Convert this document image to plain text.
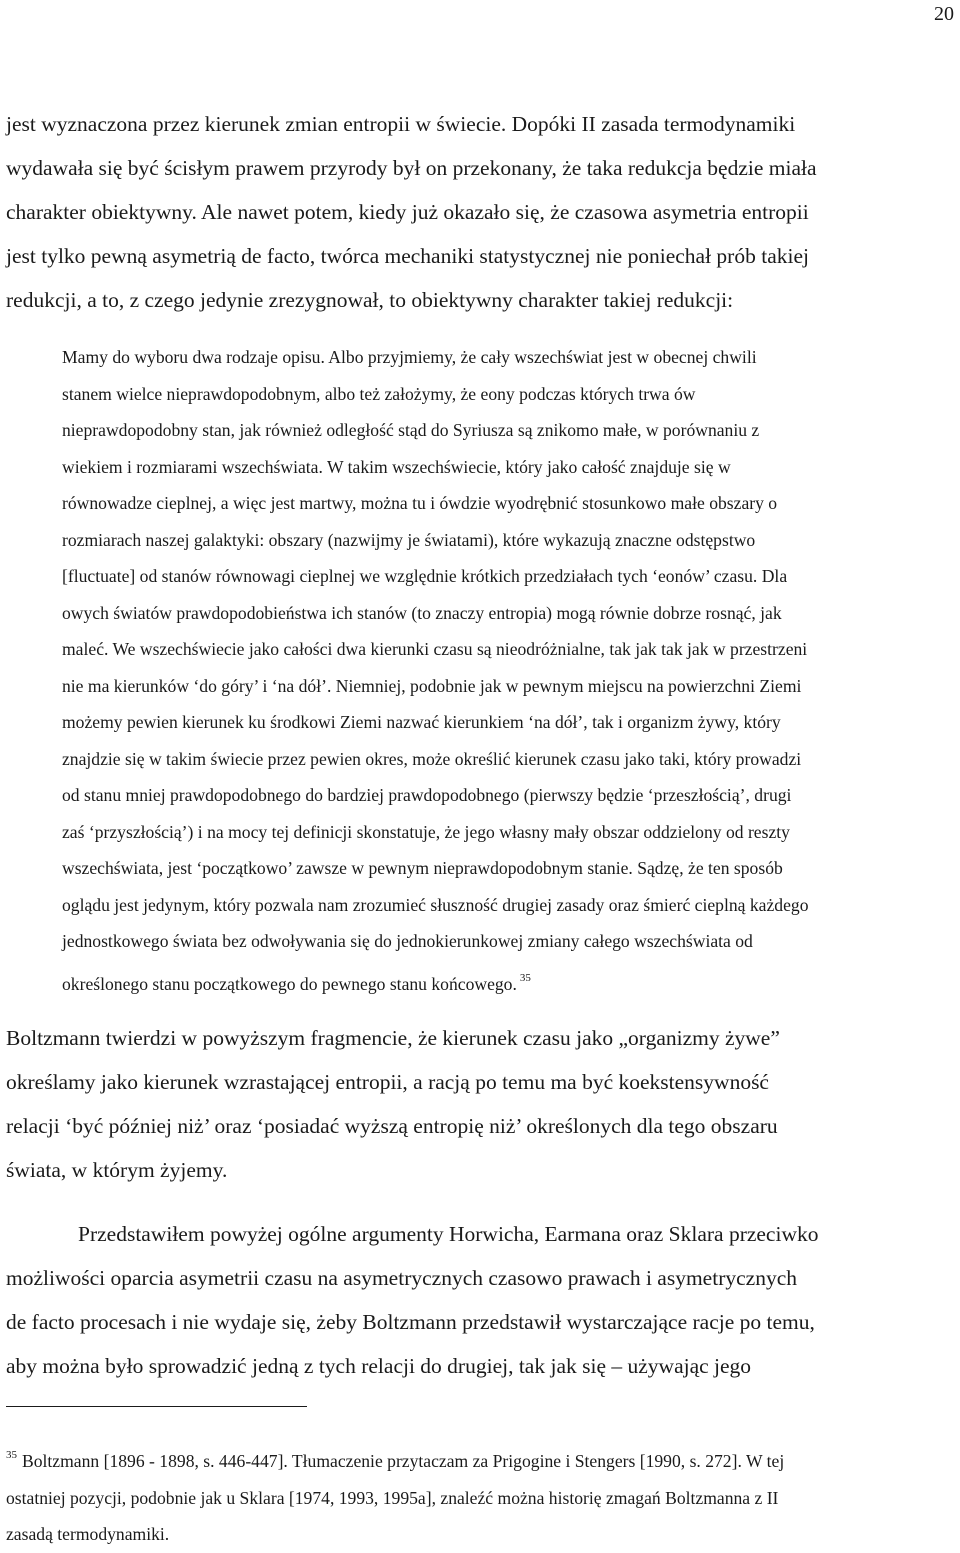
20

jest wyznaczona przez kierunek zmian entropii w świecie. Dopóki II zasada termodynamiki
wydawała się być ścisłym prawem przyrody był on przekonany, że taka redukcja będzie miała
charakter obiektywny. Ale nawet potem, kiedy już okazało się, że czasowa asymetria entropii
jest tylko pewną asymetrią de facto, twórca mechaniki statystycznej nie poniechał prób takiej
redukcji, a to, z czego jedynie zrezygnował, to obiektywny charakter takiej redukcji:

Mamy do wyboru dwa rodzaje opisu. Albo przyjmiemy, że cały wszechświat jest w obecnej chwili
stanem wielce nieprawdopodobnym, albo też założymy, że eony podczas których trwa ów
nieprawdopodobny stan, jak również odległość stąd do Syriusza są znikomo małe, w porównaniu z
wiekiem i rozmiarami wszechświata. W takim wszechświecie, który jako całość znajduje się w
równowadze cieplnej, a więc jest martwy, można tu i ówdzie wyodrębnić stosunkowo małe obszary o
rozmiarach naszej galaktyki: obszary (nazwijmy je światami), które wykazują znaczne odstępstwo
[fluctuate] od stanów równowagi cieplnej we względnie krótkich przedziałach tych ‘eonów’ czasu. Dla
owych światów prawdopodobieństwa ich stanów (to znaczy entropia) mogą równie dobrze rosnąć, jak
maleć. We wszechświecie jako całości dwa kierunki czasu są nieodróżnialne, tak jak tak jak w przestrzeni
nie ma kierunków ‘do góry’ i ‘na dół’. Niemniej, podobnie jak w pewnym miejscu na powierzchni Ziemi
możemy pewien kierunek ku środkowi Ziemi nazwać kierunkiem ‘na dół’, tak i organizm żywy, który
znajdzie się w takim świecie przez pewien okres, może określić kierunek czasu jako taki, który prowadzi
od stanu mniej prawdopodobnego do bardziej prawdopodobnego (pierwszy będzie ‘przeszłością’, drugi
zaś ‘przyszłością’) i na mocy tej definicji skonstatuje, że jego własny mały obszar oddzielony od reszty
wszechświata, jest ‘początkowo’ zawsze w pewnym nieprawdopodobnym stanie. Sądzę, że ten sposób
oglądu jest jedynym, który pozwala nam zrozumieć słuszność drugiej zasady oraz śmierć cieplną każdego
jednostkowego świata bez odwoływania się do jednokierunkowej zmiany całego wszechświata od
określonego stanu początkowego do pewnego stanu końcowego. $^{35}$

Boltzmann twierdzi w powyższym fragmencie, że kierunek czasu jako „organizmy żywe”
określamy jako kierunek wzrastającej entropii, a racją po temu ma być koekstensywność
relacji ‘być później niż’ oraz ‘posiadać wyższą entropię niż’ określonych dla tego obszaru
świata, w którym żyjemy.

Przedstawiłem powyżej ogólne argumenty Horwicha, Earmana oraz Sklara przeciwko
możliwości oparcia asymetrii czasu na asymetrycznych czasowo prawach i asymetrycznych
de facto procesach i nie wydaje się, żeby Boltzmann przedstawił wystarczające racje po temu,
aby można było sprowadzić jedną z tych relacji do drugiej, tak jak się – używając jego

$^{35}$ Boltzmann [1896 - 1898, s. 446-447]. Tłumaczenie przytaczam za Prigogine i Stengers [1990, s. 272]. W tej
ostatniej pozycji, podobnie jak u Sklara [1974, 1993, 1995a], znaleźć można historię zmagań Boltzmanna z II
zasadą termodynamiki.
